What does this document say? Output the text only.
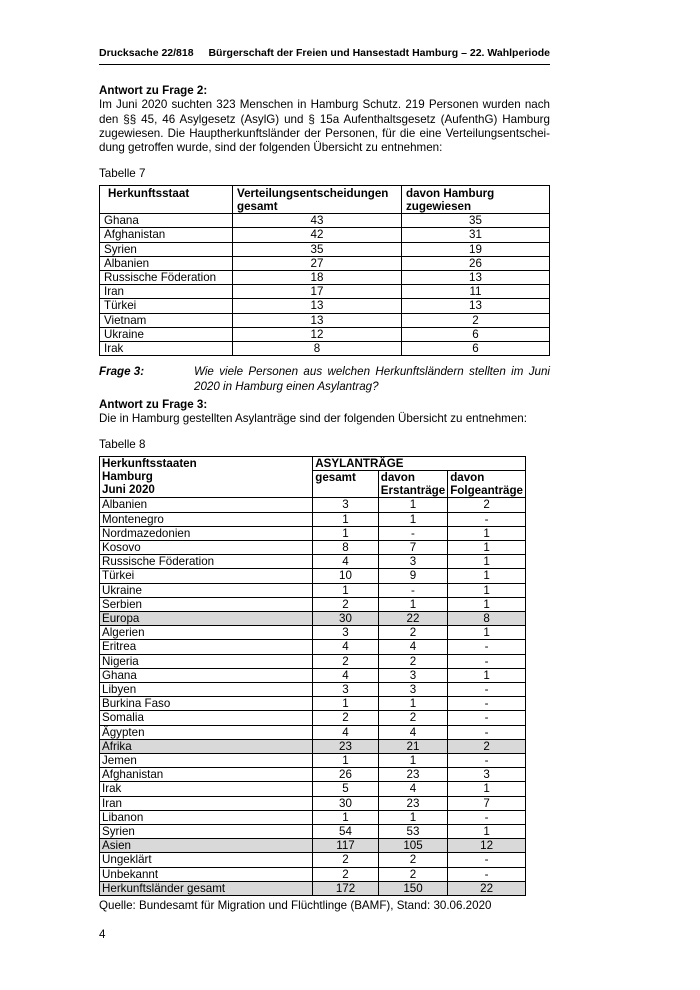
Drucksache 22/818 Bürgerschaft der Freien und Hansestadt Hamburg – 22. Wahlperiode
Antwort zu Frage 2:
Im Juni 2020 suchten 323 Menschen in Hamburg Schutz. 219 Personen wurden nach
den §§ 45, 46 Asylgesetz (AsylG) und § 15a Aufenthaltsgesetz (AufenthG) Hamburg
zugewiesen. Die Hauptherkunftsländer der Personen, für die eine Verteilungsentschei-
dung getroffen wurde, sind der folgenden Übersicht zu entnehmen:
Tabelle 7
Herkunftsstaat	Verteilungsentscheidungen gesamt	davon Hamburg zugewiesen
Ghana	43	35
Afghanistan	42	31
Syrien	35	19
Albanien	27	26
Russische Föderation	18	13
Iran	17	11
Türkei	13	13
Vietnam	13	2
Ukraine	12	6
Irak	8	6
Frage 3:	Wie viele Personen aus welchen Herkunftsländern stellten im Juni 2020 in Hamburg einen Asylantrag?
Antwort zu Frage 3:
Die in Hamburg gestellten Asylanträge sind der folgenden Übersicht zu entnehmen:
Tabelle 8
Herkunftsstaaten
Hamburg
Juni 2020	ASYLANTRÄGE		
	gesamt	davon Erstanträge	davon Folgeanträge
Albanien	3	1	2
Montenegro	1	1	-
Nordmazedonien	1	-	1
Kosovo	8	7	1
Russische Föderation	4	3	1
Türkei	10	9	1
Ukraine	1	-	1
Serbien	2	1	1
Europa	30	22	8
Algerien	3	2	1
Eritrea	4	4	-
Nigeria	2	2	-
Ghana	4	3	1
Libyen	3	3	-
Burkina Faso	1	1	-
Somalia	2	2	-
Ägypten	4	4	-
Afrika	23	21	2
Jemen	1	1	-
Afghanistan	26	23	3
Irak	5	4	1
Iran	30	23	7
Libanon	1	1	-
Syrien	54	53	1
Asien	117	105	12
Ungeklärt	2	2	-
Unbekannt	2	2	-
Herkunftsländer gesamt	172	150	22
Quelle: Bundesamt für Migration und Flüchtlinge (BAMF), Stand: 30.06.2020
4
